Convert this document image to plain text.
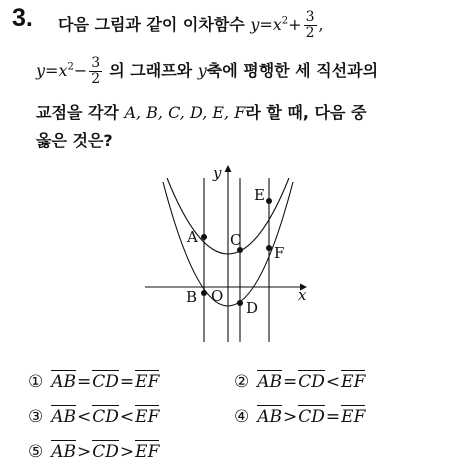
3. 다음 그림과 같이 이차함수 $y=x^2+ \frac{3}{2}$ ,
$y=x^2- \frac{3}{2}$ 의 그래프와 y축에 평행한 세 직선과의
교점을 각각 A, B, C, D, E, F라 할 때, 다음 중
옳은 것은?
y
x
O
A
B
C
D
E
F
① AB=CD=EF	② AB=CD<EF
③ AB<CD<EF	④ AB>CD=EF
⑤ AB>CD>EF
